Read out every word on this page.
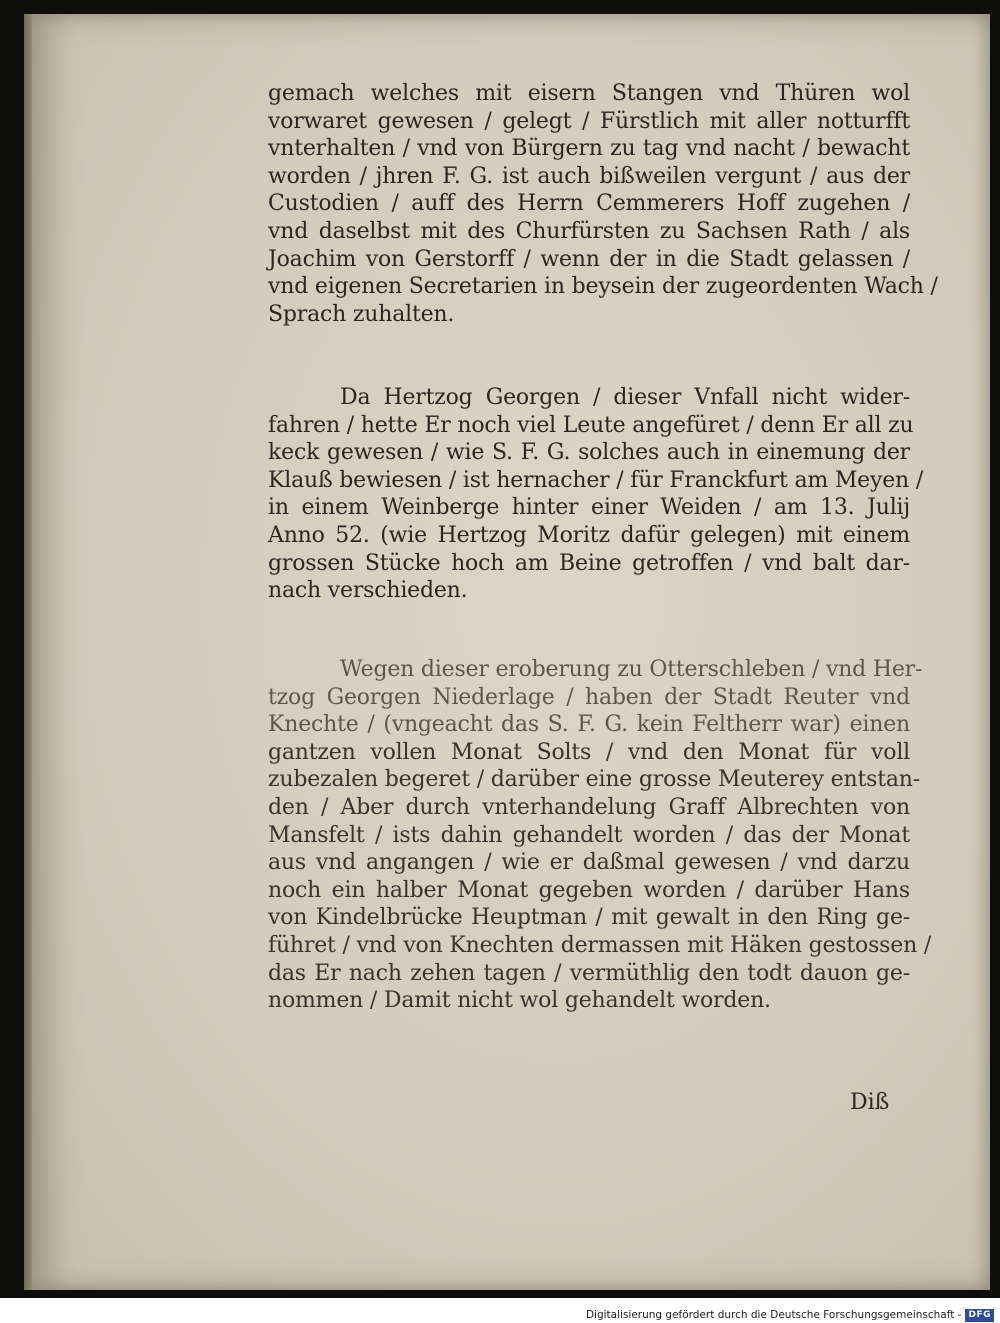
gemach welches mit eisern Stangen vnd Thüren wol
vorwaret gewesen / gelegt / Fürstlich mit aller notturfft
vnterhalten / vnd von Bürgern zu tag vnd nacht / bewacht
worden / jhren F. G. ist auch bißweilen vergunt / aus der
Custodien / auff des Herrn Cemmerers Hoff zugehen /
vnd daselbst mit des Churfürsten zu Sachsen Rath / als
Joachim von Gerstorff / wenn der in die Stadt gelassen /
vnd eigenen Secretarien in beysein der zugeordenten Wach /
Sprach zuhalten.
Da Hertzog Georgen / dieser Vnfall nicht wider-
fahren / hette Er noch viel Leute angefüret / denn Er all zu
keck gewesen / wie S. F. G. solches auch in einemung der
Klauß bewiesen / ist hernacher / für Franckfurt am Meyen /
in einem Weinberge hinter einer Weiden / am 13. Julij
Anno 52. (wie Hertzog Moritz dafür gelegen) mit einem
grossen Stücke hoch am Beine getroffen / vnd balt dar-
nach verschieden.
Wegen dieser eroberung zu Otterschleben / vnd Her-
tzog Georgen Niederlage / haben der Stadt Reuter vnd
Knechte / (vngeacht das S. F. G. kein Feltherr war) einen
gantzen vollen Monat Solts / vnd den Monat für voll
zubezalen begeret / darüber eine grosse Meuterey entstan-
den / Aber durch vnterhandelung Graff Albrechten von
Mansfelt / ists dahin gehandelt worden / das der Monat
aus vnd angangen / wie er daßmal gewesen / vnd darzu
noch ein halber Monat gegeben worden / darüber Hans
von Kindelbrücke Heuptman / mit gewalt in den Ring ge-
führet / vnd von Knechten dermassen mit Häken gestossen /
das Er nach zehen tagen / vermüthlig den todt dauon ge-
nommen / Damit nicht wol gehandelt worden.
Diß
Digitalisierung gefördert durch die Deutsche Forschungsgemeinschaft - DFG
